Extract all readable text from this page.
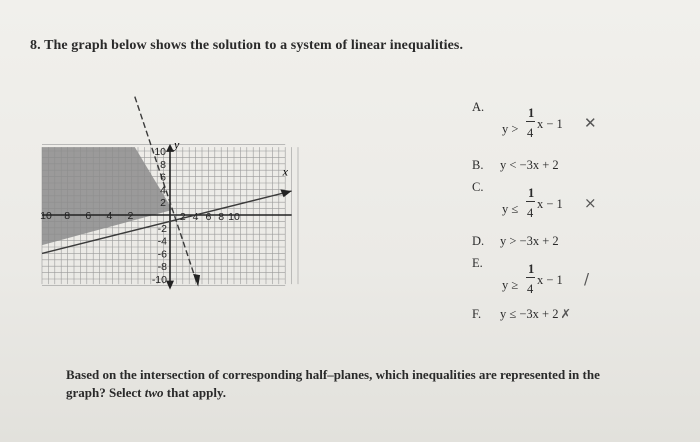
8. The graph below shows the solution to a system of linear inequalities.
10 8 6 4 2	2 4 6 8 10
10
8
6
4
2
-2
-4
-6
-8
-10
x
y
A.
y >
1
4
x − 1 ✕
B. y < −3x + 2
C.
y ≤
1
4
x − 1 ×
D. y > −3x + 2
E.
y ≥
1
4
x − 1 /
F. y ≤ −3x + 2 ✗
Based on the intersection of corresponding half–planes, which inequalities are represented in the
graph? Select two that apply.
